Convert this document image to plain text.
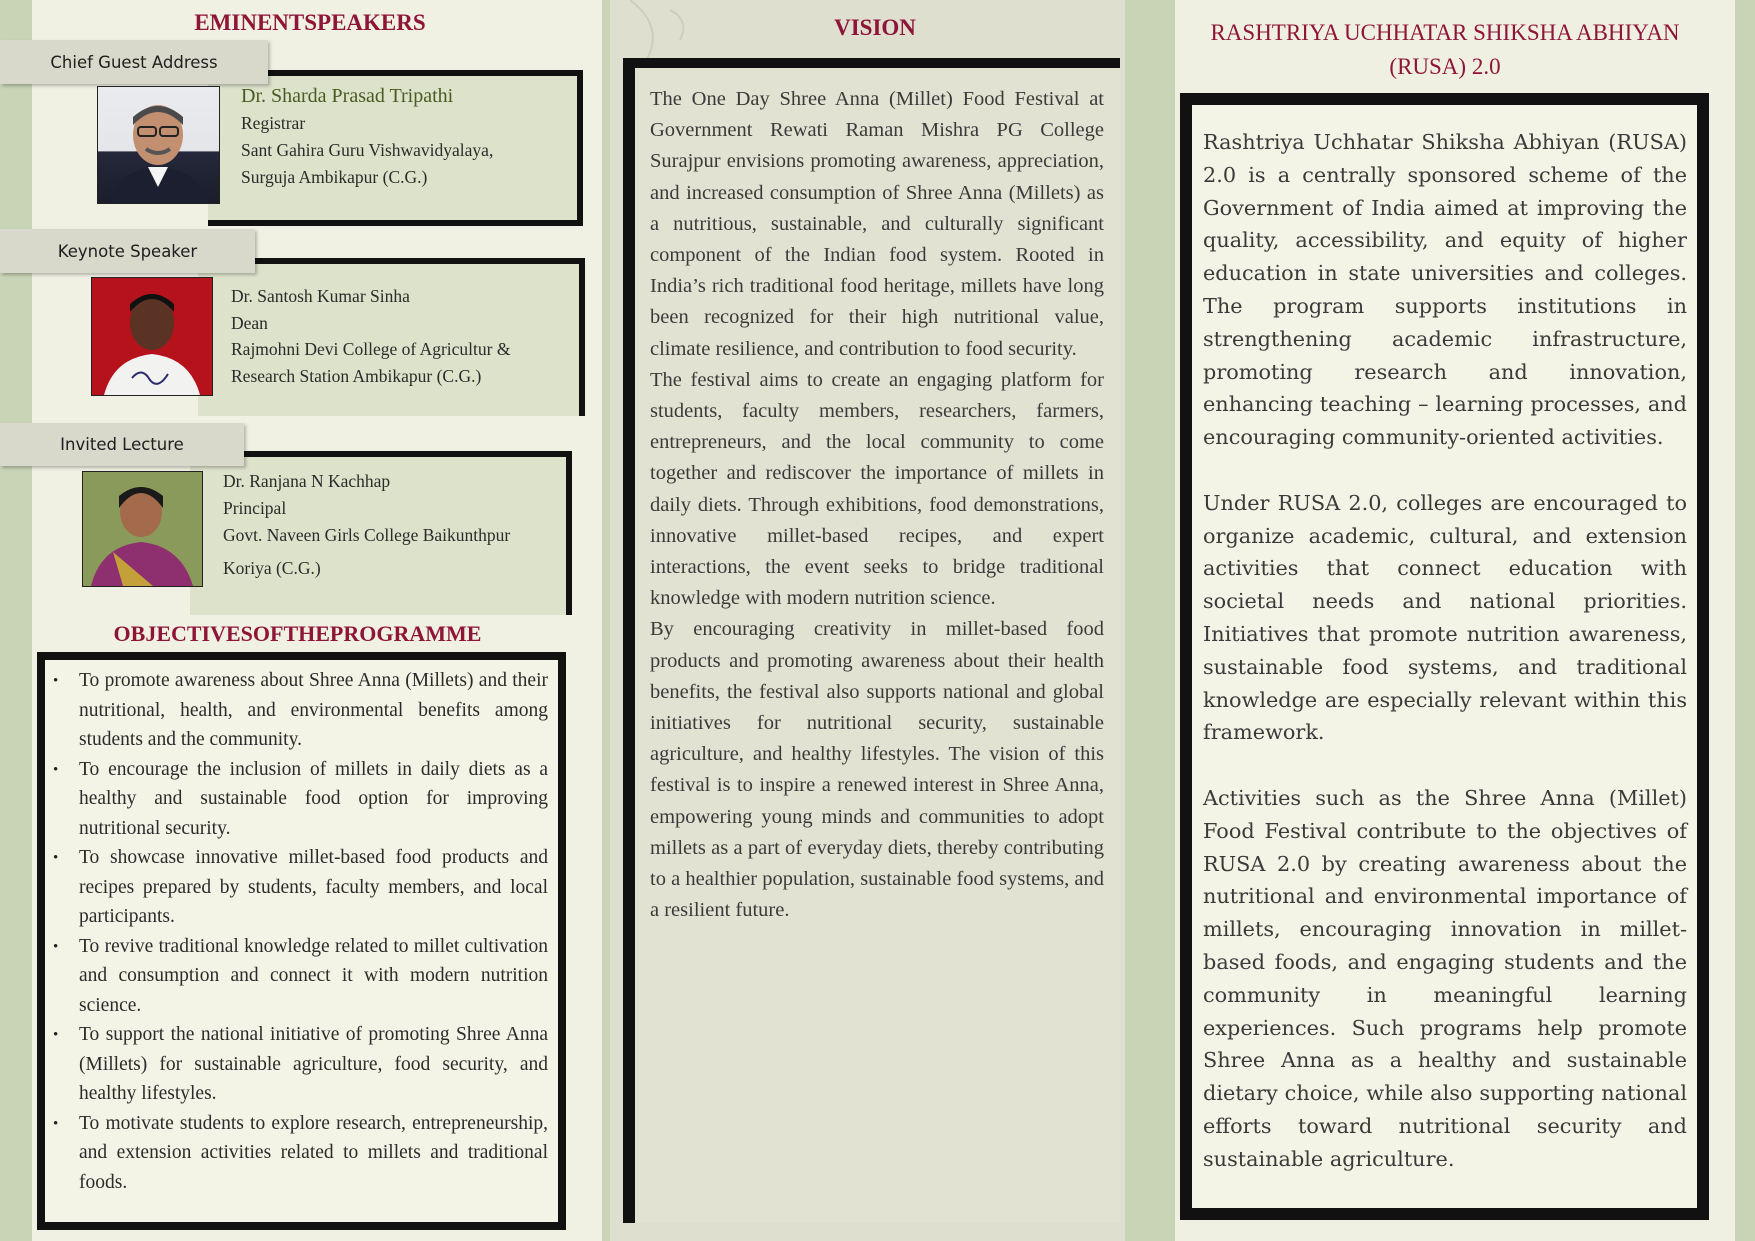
EMINENTSPEAKERS
Chief Guest Address
Dr. Sharda Prasad Tripathi
Registrar
Sant Gahira Guru Vishwavidyalaya,
Surguja Ambikapur (C.G.)
Keynote Speaker
Dr. Santosh Kumar Sinha
Dean
Rajmohni Devi College of Agricultur &
Research Station Ambikapur (C.G.)
Invited Lecture
Dr. Ranjana N Kachhap
Principal
Govt. Naveen Girls College Baikunthpur
Koriya (C.G.)
OBJECTIVESOFTHEPROGRAMME
• To promote awareness about Shree Anna (Millets) and their nutritional, health, and environmental benefits among students and the community.
• To encourage the inclusion of millets in daily diets as a healthy and sustainable food option for improving nutritional security.
• To showcase innovative millet-based food products and recipes prepared by students, faculty members, and local participants.
• To revive traditional knowledge related to millet cultivation and consumption and connect it with modern nutrition science.
• To support the national initiative of promoting Shree Anna (Millets) for sustainable agriculture, food security, and healthy lifestyles.
• To motivate students to explore research, entrepreneurship, and extension activities related to millets and traditional foods.
VISION

The One Day Shree Anna (Millet) Food Festival at Government Rewati Raman Mishra PG College Surajpur envisions promoting awareness, appreciation, and increased consumption of Shree Anna (Millets) as a nutritious, sustainable, and culturally significant component of the Indian food system. Rooted in India’s rich traditional food heritage, millets have long been recognized for their high nutritional value, climate resilience, and contribution to food security.

The festival aims to create an engaging platform for students, faculty members, researchers, farmers, entrepreneurs, and the local community to come together and rediscover the importance of millets in daily diets. Through exhibitions, food demonstrations, innovative millet-based recipes, and expert interactions, the event seeks to bridge traditional knowledge with modern nutrition science.

By encouraging creativity in millet-based food products and promoting awareness about their health benefits, the festival also supports national and global initiatives for nutritional security, sustainable agriculture, and healthy lifestyles. The vision of this festival is to inspire a renewed interest in Shree Anna, empowering young minds and communities to adopt millets as a part of everyday diets, thereby contributing to a healthier population, sustainable food systems, and a resilient future.

RASHTRIYA UCHHATAR SHIKSHA ABHIYAN
(RUSA) 2.0

Rashtriya Uchhatar Shiksha Abhiyan (RUSA) 2.0 is a centrally sponsored scheme of the Government of India aimed at improving the quality, accessibility, and equity of higher education in state universities and colleges. The program supports institutions in strengthening academic infrastructure, promoting research and innovation, enhancing teaching – learning processes, and encouraging community-oriented activities.

Under RUSA 2.0, colleges are encouraged to organize academic, cultural, and extension activities that connect education with societal needs and national priorities. Initiatives that promote nutrition awareness, sustainable food systems, and traditional knowledge are especially relevant within this framework.

Activities such as the Shree Anna (Millet) Food Festival contribute to the objectives of RUSA 2.0 by creating awareness about the nutritional and environmental importance of millets, encouraging innovation in millet-based foods, and engaging students and the community in meaningful learning experiences. Such programs help promote Shree Anna as a healthy and sustainable dietary choice, while also supporting national efforts toward nutritional security and sustainable agriculture.
